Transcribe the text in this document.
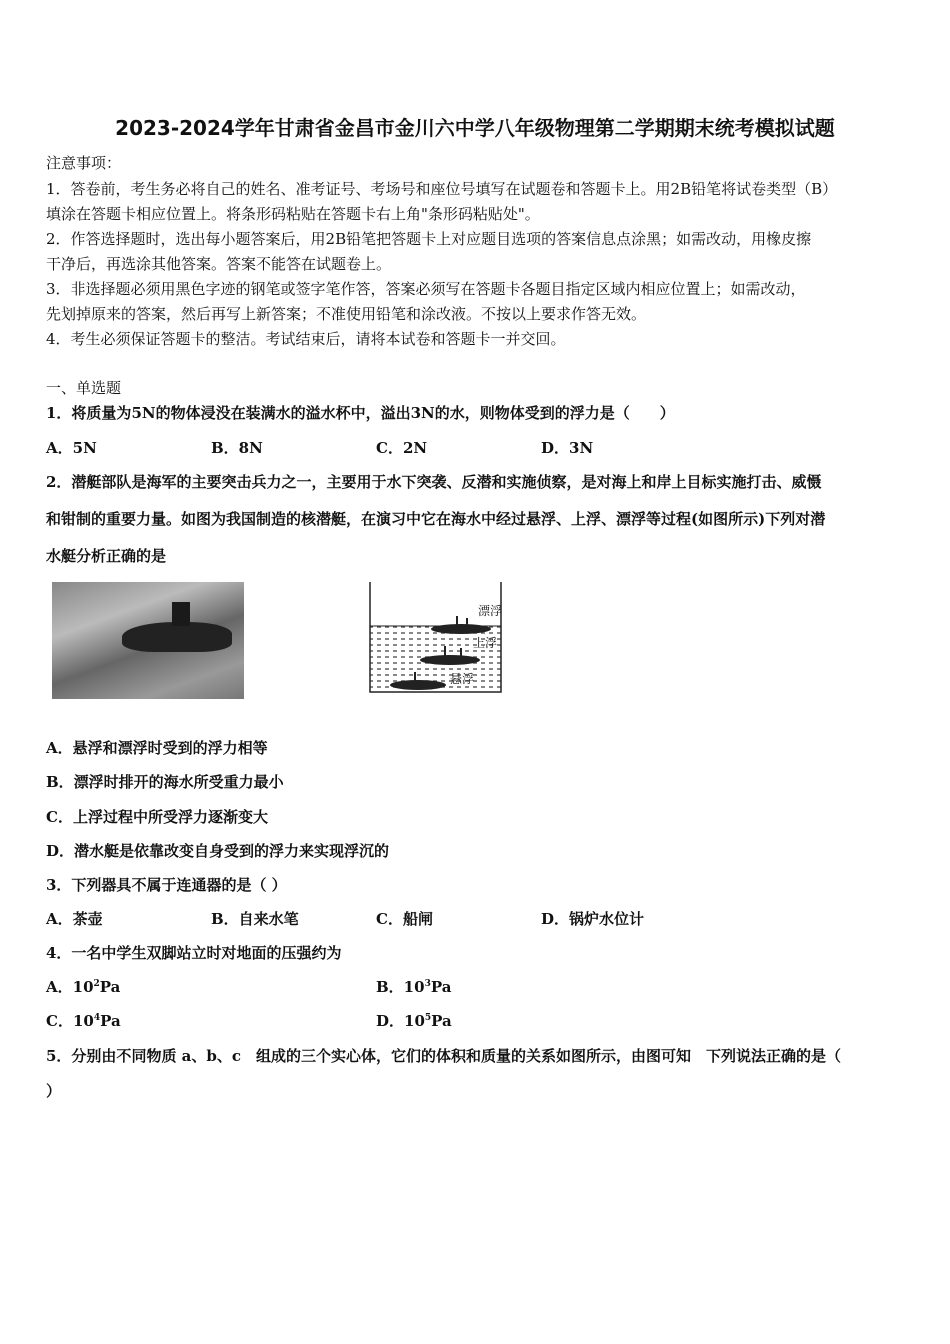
2023-2024学年甘肃省金昌市金川六中学八年级物理第二学期期末统考模拟试题
注意事项：
1．答卷前，考生务必将自己的姓名、准考证号、考场号和座位号填写在试题卷和答题卡上。用2B铅笔将试卷类型（B）
填涂在答题卡相应位置上。将条形码粘贴在答题卡右上角"条形码粘贴处"。
2．作答选择题时，选出每小题答案后，用2B铅笔把答题卡上对应题目选项的答案信息点涂黑；如需改动，用橡皮擦
干净后，再选涂其他答案。答案不能答在试题卷上。
3．非选择题必须用黑色字迹的钢笔或签字笔作答，答案必须写在答题卡各题目指定区域内相应位置上；如需改动，
先划掉原来的答案，然后再写上新答案；不准使用铅笔和涂改液。不按以上要求作答无效。
4．考生必须保证答题卡的整洁。考试结束后，请将本试卷和答题卡一并交回。
一、单选题
1．将质量为5N的物体浸没在装满水的溢水杯中，溢出3N的水，则物体受到的浮力是（　　）
A．5N	B．8N	C．2N	D．3N
2．潜艇部队是海军的主要突击兵力之一，主要用于水下突袭、反潜和实施侦察，是对海上和岸上目标实施打击、威慑
和钳制的重要力量。如图为我国制造的核潜艇，在演习中它在海水中经过悬浮、上浮、漂浮等过程(如图所示)下列对潜
水艇分析正确的是
漂浮
上浮
悬浮
A．悬浮和漂浮时受到的浮力相等
B．漂浮时排开的海水所受重力最小
C．上浮过程中所受浮力逐渐变大
D．潜水艇是依靠改变自身受到的浮力来实现浮沉的
3．下列器具不属于连通器的是（ ）
A．茶壶	B．自来水笔	C．船闸	D．锅炉水位计
4．一名中学生双脚站立时对地面的压强约为
A．$10^2Pa$	B．$10^3Pa$
C．$10^4Pa$	D．$10^5Pa$
5．分别由不同物质 a、b、c　组成的三个实心体，它们的体积和质量的关系如图所示，由图可知　下列说法正确的是（
）
